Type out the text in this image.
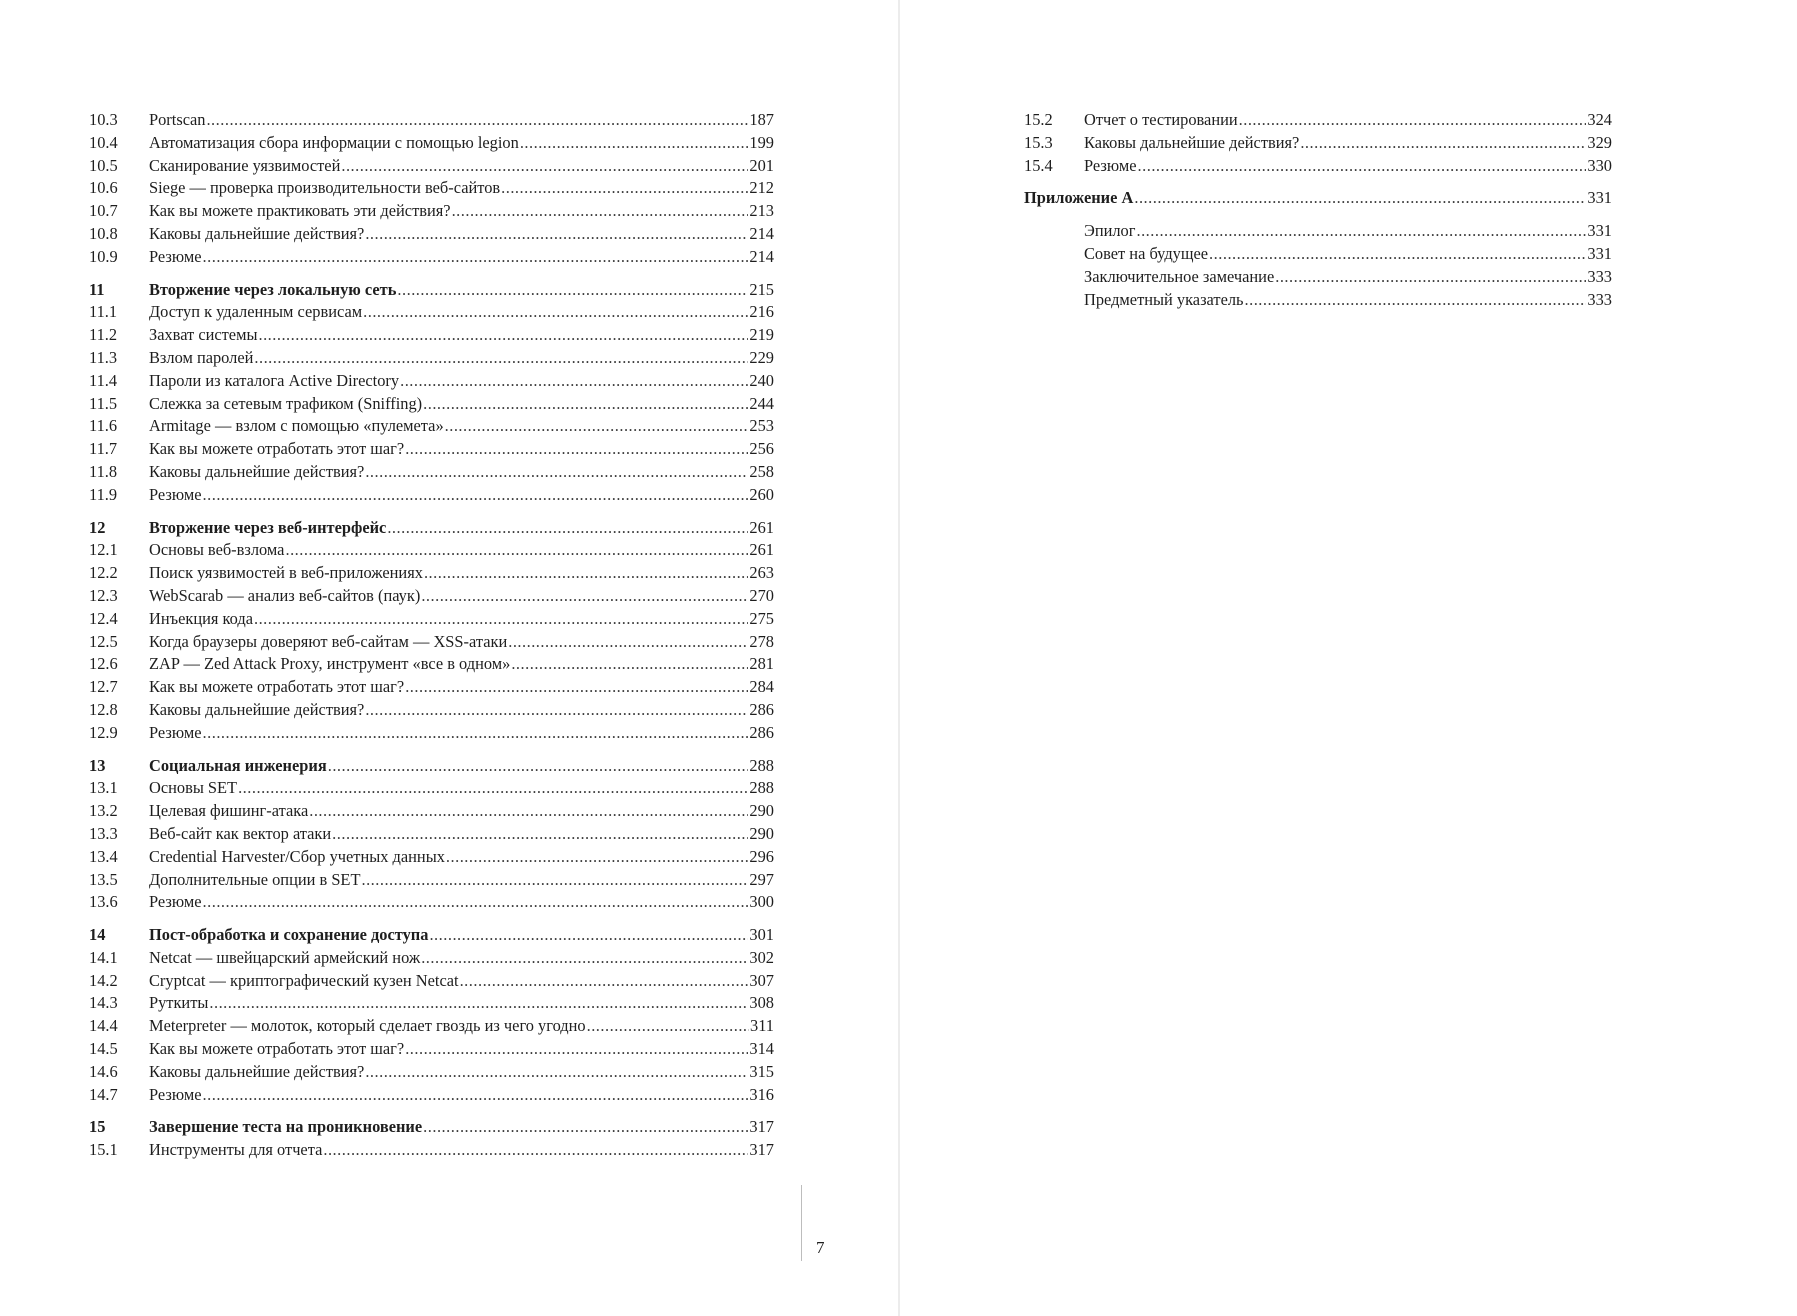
10.3	Portscan .....	187
10.4	Автоматизация сбора информации с помощью legion .....	199
10.5	Сканирование уязвимостей .....	201
10.6	Siege — проверка производительности веб-сайтов .....	212
10.7	Как вы можете практиковать эти действия? .....	213
10.8	Каковы дальнейшие действия? .....	214
10.9	Резюме .....	214
11	Вторжение через локальную сеть .....	215
11.1	Доступ к удаленным сервисам .....	216
11.2	Захват системы .....	219
11.3	Взлом паролей .....	229
11.4	Пароли из каталога Active Directory .....	240
11.5	Слежка за сетевым трафиком (Sniffing) .....	244
11.6	Armitage — взлом с помощью «пулемета» .....	253
11.7	Как вы можете отработать этот шаг? .....	256
11.8	Каковы дальнейшие действия? .....	258
11.9	Резюме .....	260
12	Вторжение через веб-интерфейс .....	261
12.1	Основы веб-взлома .....	261
12.2	Поиск уязвимостей в веб-приложениях .....	263
12.3	WebScarab — анализ веб-сайтов (паук) .....	270
12.4	Инъекция кода .....	275
12.5	Когда браузеры доверяют веб-сайтам — XSS-атаки .....	278
12.6	ZAP — Zed Attack Proxy, инструмент «все в одном» .....	281
12.7	Как вы можете отработать этот шаг? .....	284
12.8	Каковы дальнейшие действия? .....	286
12.9	Резюме .....	286
13	Социальная инженерия .....	288
13.1	Основы SET .....	288
13.2	Целевая фишинг-атака .....	290
13.3	Веб-сайт как вектор атаки .....	290
13.4	Credential Harvester/Сбор учетных данных .....	296
13.5	Дополнительные опции в SET .....	297
13.6	Резюме .....	300
14	Пост-обработка и сохранение доступа .....	301
14.1	Netcat — швейцарский армейский нож .....	302
14.2	Cryptcat — криптографический кузен Netcat .....	307
14.3	Руткиты .....	308
14.4	Meterpreter — молоток, который сделает гвоздь из чего угодно .....	311
14.5	Как вы можете отработать этот шаг? .....	314
14.6	Каковы дальнейшие действия? .....	315
14.7	Резюме .....	316
15	Завершение теста на проникновение .....	317
15.1	Инструменты для отчета .....	317
7
15.2	Отчет о тестировании .....	324
15.3	Каковы дальнейшие действия? .....	329
15.4	Резюме .....	330
Приложение А .....	331
Эпилог .....	331
Совет на будущее .....	331
Заключительное замечание .....	333
Предметный указатель .....	333
